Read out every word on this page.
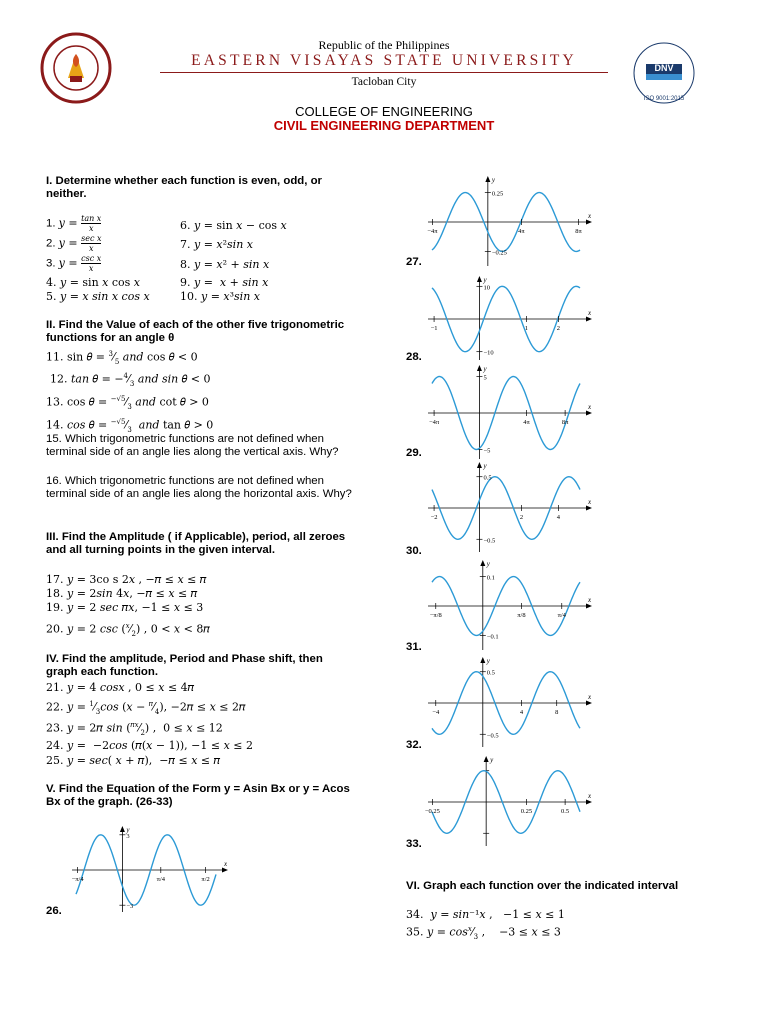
Republic of the Philippines
EASTERN VISAYAS STATE UNIVERSITY
Tacloban City

DNV
ISO 9001:2015
COLLEGE OF ENGINEERING
CIVIL ENGINEERING DEPARTMENT
I. Determine whether each function is even, odd, or neither.
1. 𝑦 = 𝑡𝑎𝑛 𝑥
𝑥
2. 𝑦 = 𝑠𝑒𝑐 𝑥
𝑥
3. 𝑦 = 𝑐𝑠𝑐 𝑥
𝑥
4. 𝑦 = sin 𝑥 cos 𝑥
5. 𝑦 = 𝑥 𝑠𝑖𝑛 𝑥 𝑐𝑜𝑠 𝑥
6. 𝑦 = sin 𝑥 − cos 𝑥
7. 𝑦 = 𝑥²𝑠𝑖𝑛 𝑥
8. 𝑦 = 𝑥² + 𝑠𝑖𝑛 𝑥
9. 𝑦 =  𝑥 + 𝑠𝑖𝑛 𝑥
10. 𝑦 = 𝑥³𝑠𝑖𝑛 𝑥
II. Find the Value of each of the other five trigonometric functions for an angle θ
11. sin 𝜃 = $^3⁄_5$ 𝑎𝑛𝑑 cos 𝜃 < 0
12. 𝑡𝑎𝑛 𝜃 = $-^4⁄_3$ 𝑎𝑛𝑑 𝑠𝑖𝑛 𝜃 < 0
13. cos 𝜃 = $^{-√5}⁄_3$ 𝑎𝑛𝑑 cot 𝜃 > 0
14. 𝑐𝑜𝑠 𝜃 = $^{-√5}⁄_3$  𝑎𝑛𝑑 tan 𝜃 > 0
15. Which trigonometric functions are not defined when terminal side of an angle lies along the vertical axis. Why?
16. Which trigonometric functions are not defined when terminal side of an angle lies along the horizontal axis. Why?
III. Find the Amplitude ( if Applicable), period, all zeroes and all turning points in the given interval.
17. 𝑦 = 3co s 2𝑥 , −𝜋 ≤ 𝑥 ≤ 𝜋
18. 𝑦 = 2𝑠𝑖𝑛 4𝑥, −𝜋 ≤ 𝑥 ≤ 𝜋
19. 𝑦 = 2 𝑠𝑒𝑐 𝜋𝑥, −1 ≤ 𝑥 ≤ 3
20. 𝑦 = 2 𝑐𝑠𝑐 $(^𝑥⁄_2)$ , 0 < 𝑥 < 8𝜋
IV. Find the amplitude, Period and Phase shift, then graph each function.
21. 𝑦 = 4 𝑐𝑜𝑠𝑥 , 0 ≤ 𝑥 ≤ 4𝜋
22. 𝑦 = $^1⁄_3𝑐𝑜𝑠$ (𝑥 − $^𝜋⁄_4$), −2𝜋 ≤ 𝑥 ≤ 2𝜋
23. 𝑦 = 2𝜋 𝑠𝑖𝑛 $(^{𝜋𝑥}⁄_2)$ ,  0 ≤ 𝑥 ≤ 12
24. 𝑦 =  −2𝑐𝑜𝑠 (𝜋(𝑥 − 1)), −1 ≤ 𝑥 ≤ 2
25. 𝑦 = 𝑠𝑒𝑐( 𝑥 + 𝜋),  −𝜋 ≤ 𝑥 ≤ 𝜋
V. Find the Equation of the Form y = Asin Bx or y = Acos Bx of the graph. (26-33)
VI. Graph each function over the indicated interval
34.  𝑦 = 𝑠𝑖𝑛⁻¹𝑥 ,   −1 ≤ 𝑥 ≤ 1
35. 𝑦 = $𝑐𝑜𝑠^𝑥⁄_3$ ,    −3 ≤ 𝑥 ≤ 3
26.
27.
28.
29.
30.
31.
32.
33.
−π/4	π/4	π/2
3
−3
x
y
−4π	4π	8π
0.25
−0.25
x
y
−1	1	2
10
−10
x
y
−4π	4π	8π
5
−5
x
y
−2	2	4
0.5
−0.5
x
y
−π/8	π/8	π/4
0.1
−0.1
x
y
−4	4	8
0.5
−0.5
x
y
−0.25	0.25	0.5
x
y
